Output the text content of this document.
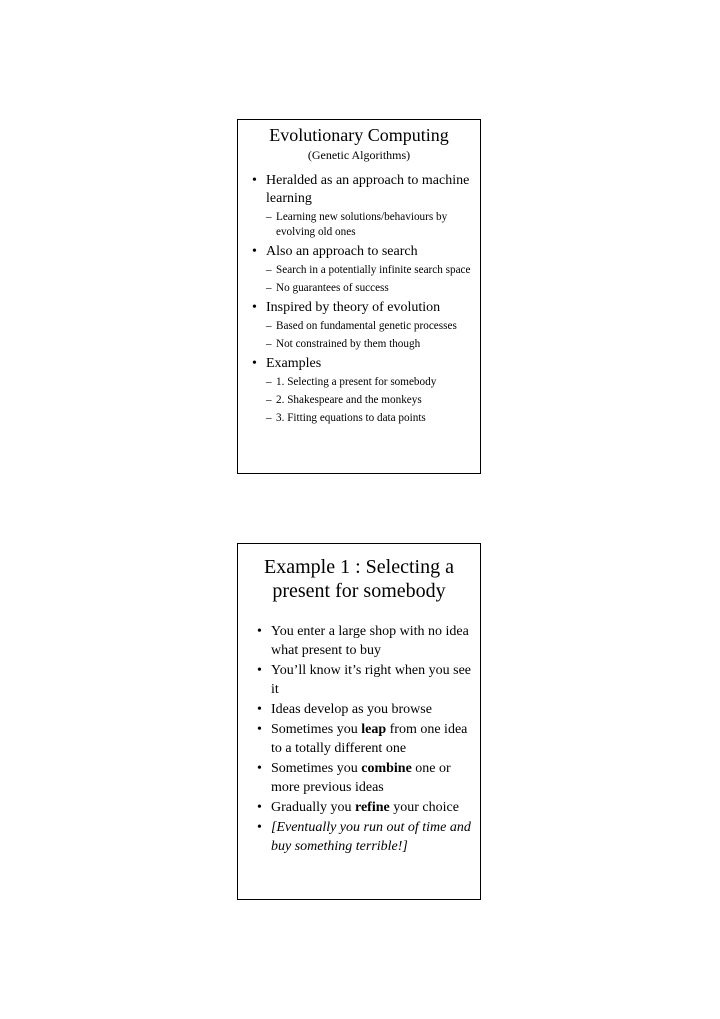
Evolutionary Computing
(Genetic Algorithms)
• Heralded as an approach to machine learning
– Learning new solutions/behaviours by evolving old ones
• Also an approach to search
– Search in a potentially infinite search space
– No guarantees of success
• Inspired by theory of evolution
– Based on fundamental genetic processes
– Not constrained by them though
• Examples
– 1. Selecting a present for somebody
– 2. Shakespeare and the monkeys
– 3. Fitting equations to data points
Example 1 : Selecting a
present for somebody
• You enter a large shop with no idea what present to buy
• You’ll know it’s right when you see it
• Ideas develop as you browse
• Sometimes you leap from one idea to a totally different one
• Sometimes you combine one or more previous ideas
• Gradually you refine your choice
• [Eventually you run out of time and buy something terrible!]
